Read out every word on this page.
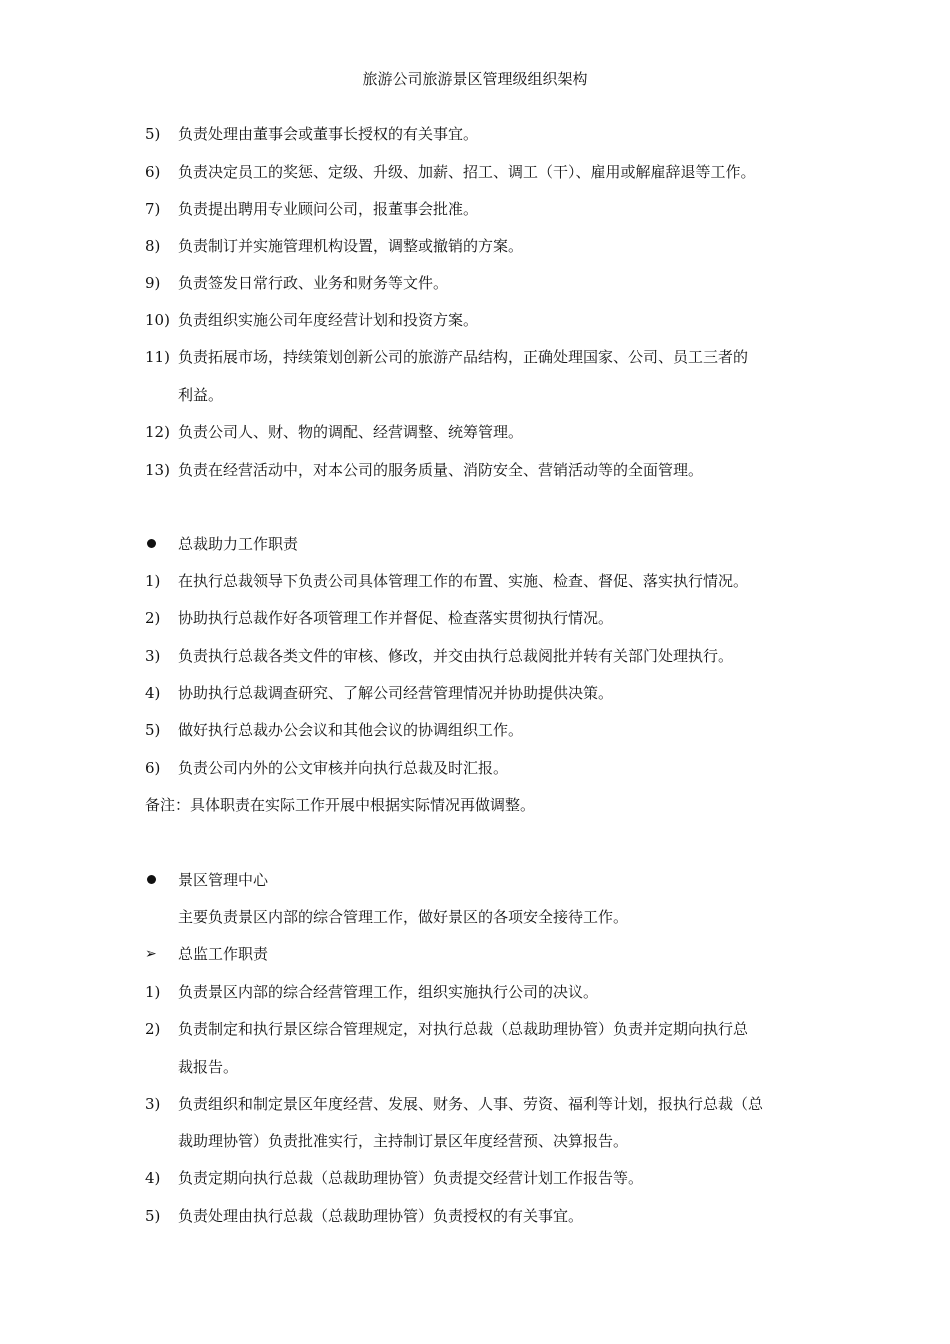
旅游公司旅游景区管理级组织架构
5) 负责处理由董事会或董事长授权的有关事宜。
6) 负责决定员工的奖惩、定级、升级、加薪、招工、调工（干）、雇用或解雇辞退等工作。
7) 负责提出聘用专业顾问公司，报董事会批准。
8) 负责制订并实施管理机构设置，调整或撤销的方案。
9) 负责签发日常行政、业务和财务等文件。
10) 负责组织实施公司年度经营计划和投资方案。
11) 负责拓展市场，持续策划创新公司的旅游产品结构，正确处理国家、公司、员工三者的
利益。
12) 负责公司人、财、物的调配、经营调整、统筹管理。
13) 负责在经营活动中，对本公司的服务质量、消防安全、营销活动等的全面管理。
总裁助力工作职责
1) 在执行总裁领导下负责公司具体管理工作的布置、实施、检查、督促、落实执行情况。
2) 协助执行总裁作好各项管理工作并督促、检查落实贯彻执行情况。
3) 负责执行总裁各类文件的审核、修改，并交由执行总裁阅批并转有关部门处理执行。
4) 协助执行总裁调查研究、了解公司经营管理情况并协助提供决策。
5) 做好执行总裁办公会议和其他会议的协调组织工作。
6) 负责公司内外的公文审核并向执行总裁及时汇报。
备注：具体职责在实际工作开展中根据实际情况再做调整。
景区管理中心
主要负责景区内部的综合管理工作，做好景区的各项安全接待工作。
➢ 总监工作职责
1) 负责景区内部的综合经营管理工作，组织实施执行公司的决议。
2) 负责制定和执行景区综合管理规定，对执行总裁（总裁助理协管）负责并定期向执行总
裁报告。
3) 负责组织和制定景区年度经营、发展、财务、人事、劳资、福利等计划，报执行总裁（总
裁助理协管）负责批准实行，主持制订景区年度经营预、决算报告。
4) 负责定期向执行总裁（总裁助理协管）负责提交经营计划工作报告等。
5) 负责处理由执行总裁（总裁助理协管）负责授权的有关事宜。
